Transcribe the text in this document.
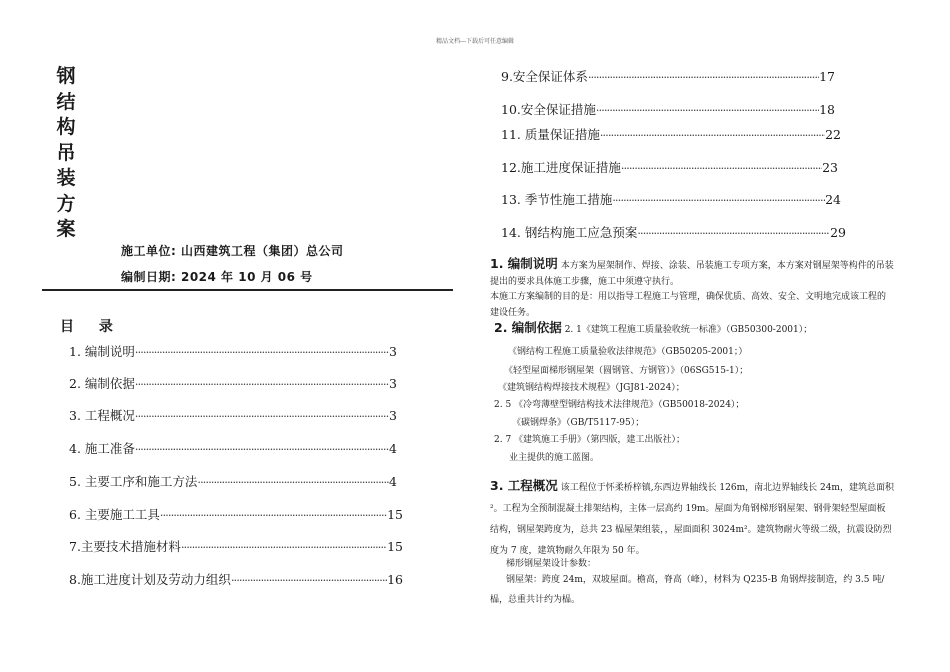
精品文档---下载后可任意编辑
钢
结
构
吊
装
方
案
施工单位: 山西建筑工程（集团）总公司
编制日期: 2024 年 10 月 06 号
目 录
1. 编制说明 ·····	3
2. 编制依据 ·····	3
3. 工程概况 ·····	3
4. 施工准备 ·····	4
5. 主要工序和施工方法 ·····	4
6. 主要施工工具 ·····	15
7.主要技术措施材料 ·····	15
8.施工进度计划及劳动力组织 ·····	16
9.安全保证体系 ·····	17
10.安全保证措施 ·····	18
11. 质量保证措施 ·····	22
12.施工进度保证措施 ·····	23
13. 季节性施工措施 ·····	24
14. 钢结构施工应急预案 ·····	29
1. 编制说明 本方案为屋架制作、焊接、涂装、吊装施工专项方案，本方案对钢屋架等构件的吊装提出的要求具体施工步骤，施工中须遵守执行。
本施工方案编制的目的是：用以指导工程施工与管理，确保优质、高效、安全、文明地完成该工程的建设任务。
2. 编制依据 2. 1《建筑工程施工质量验收统一标准》（GB50300-2001）；
《钢结构工程施工质量验收法律规范》（GB50205-2001；）
《轻型屋面梯形钢屋架（圆钢管、方钢管）》（06SG515-1）；
《建筑钢结构焊接技术规程》（JGJ81-2024）；
2. 5 《冷弯薄壁型钢结构技术法律规范》（GB50018-2024）；
《碳钢焊条》（GB/T5117-95）；
2. 7 《建筑施工手册》（第四版，建工出版社）；
业主提供的施工蓝图。
3. 工程概况 该工程位于怀柔桥梓镇,东西边界轴线长 126m，南北边界轴线长 24m，建筑总面积²。工程为全预制混凝土排架结构，主体一层高约 19m。屋面为角钢梯形钢屋架、钢骨架轻型屋面板结构，钢屋架跨度为，总共 23 榀屋架组装，，屋面面积 3024m²。建筑物耐火等级二级，抗震设防烈度为 7 度，建筑物耐久年限为 50 年。
梯形钢屋架设计参数：
钢屋架：跨度 24m，双坡屋面。檐高，脊高（峰），材料为 Q235-B 角钢焊接制造，约 3.5 吨/榀，总重共计约为榀。
